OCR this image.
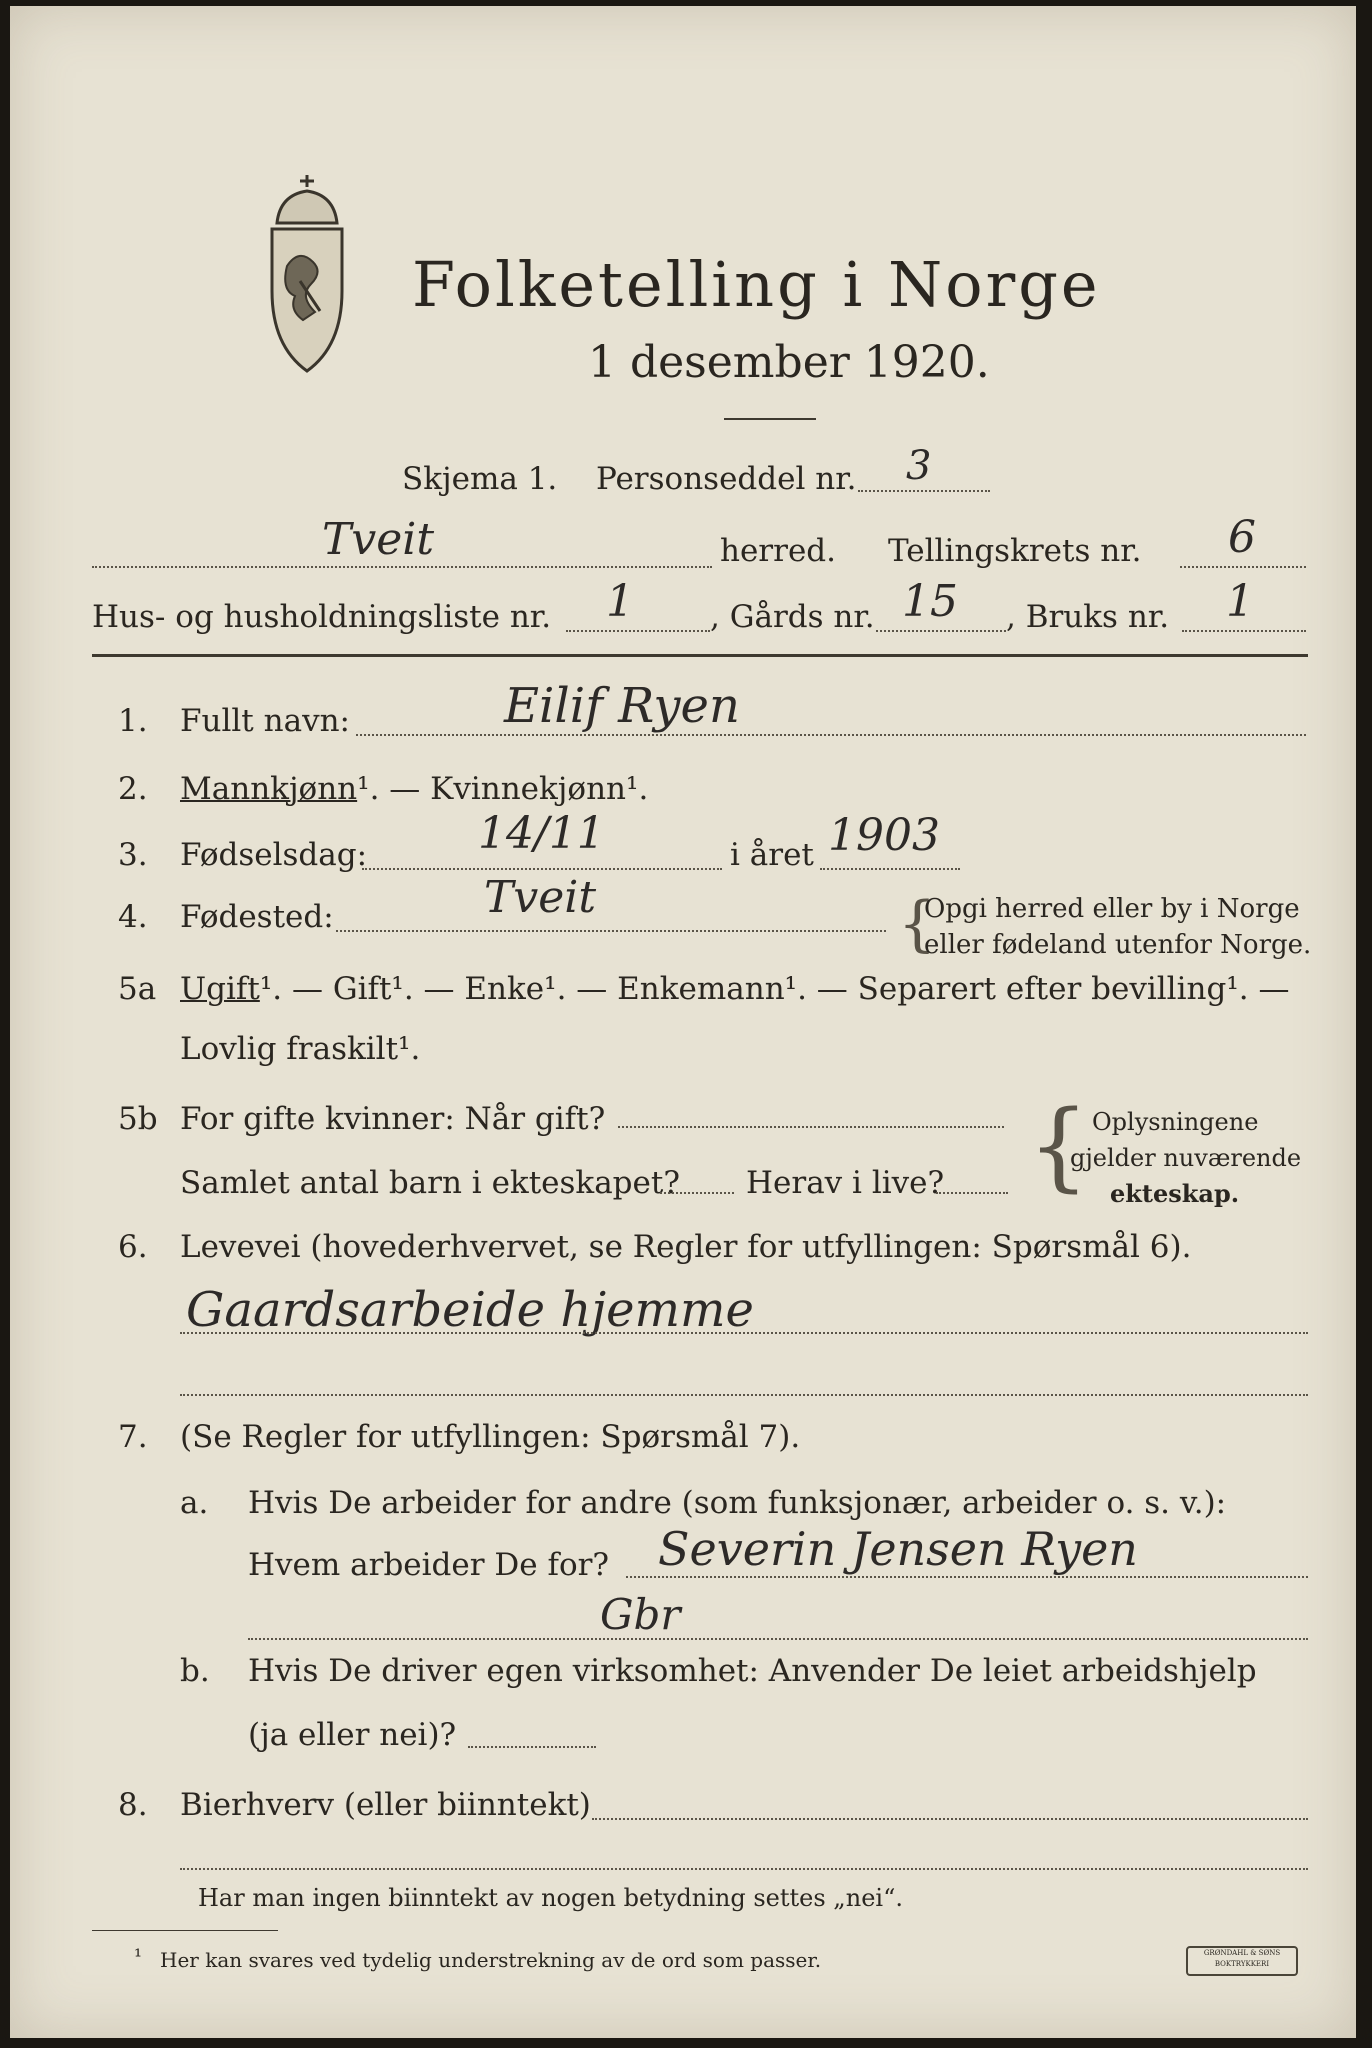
Folketelling i Norge
1 desember 1920.
Skjema 1. Personseddel nr. 3
Tveit	herred. Tellingskrets nr. 6
Hus- og husholdningsliste nr. 1 , Gårds nr. 15 , Bruks nr. 1
1. Fullt navn:	Eilif Ryen
2. Mannkjønn¹. — Kvinnekjønn¹.
3. Fødselsdag:	14/11	i året 1903
4. Fødested:	Tveit	{
Opgi herred eller by i Norge
eller fødeland utenfor Norge.
5a Ugift¹. — Gift¹. — Enke¹. — Enkemann¹. — Separert efter bevilling¹. —
Lovlig fraskilt¹.
5b For gifte kvinner: Når gift?
Samlet antal barn i ekteskapet? Herav i live? { Oplysningene
gjelder nuværende
ekteskap.
6. Levevei (hovederhvervet, se Regler for utfyllingen: Spørsmål 6).
Gaardsarbeide hjemme
7. (Se Regler for utfyllingen: Spørsmål 7).
a. Hvis De arbeider for andre (som funksjonær, arbeider o. s. v.):
Hvem arbeider De for? Severin Jensen Ryen
Gbr
b. Hvis De driver egen virksomhet: Anvender De leiet arbeidshjelp
(ja eller nei)?
8. Bierhverv (eller biinntekt)
Har man ingen biinntekt av nogen betydning settes „nei“.
¹ Her kan svares ved tydelig understrekning av de ord som passer.	GRØNDAHL & SØNS
BOKTRYKKERI
